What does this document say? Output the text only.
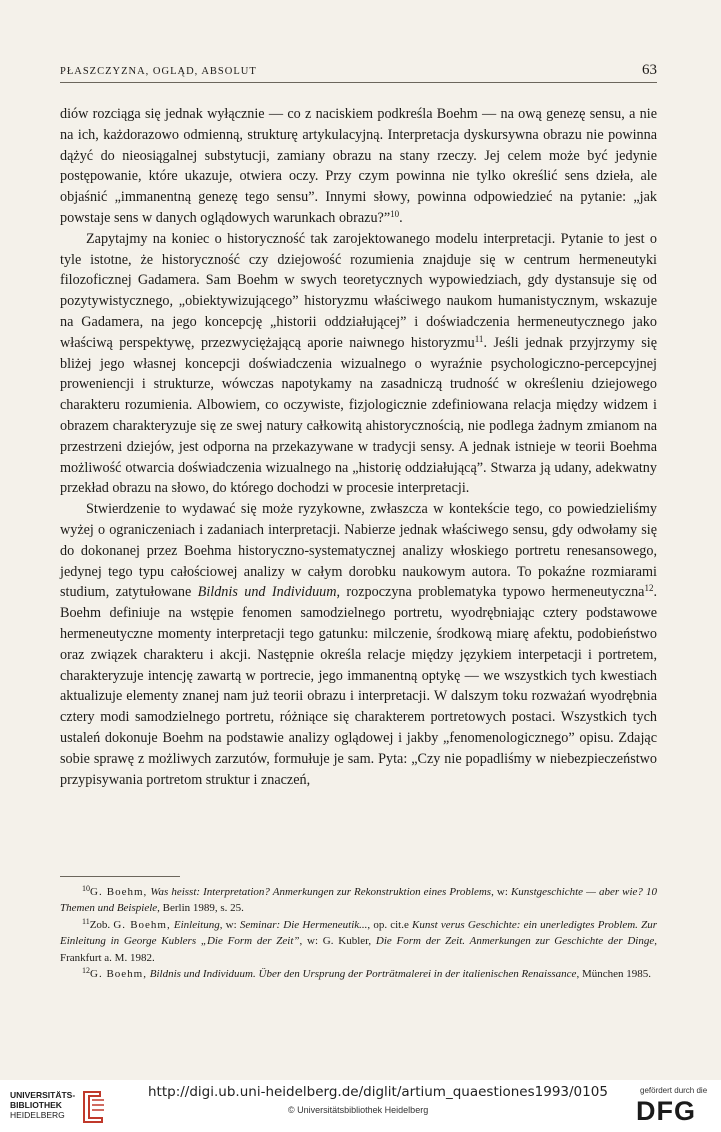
PŁASZCZYZNA, OGLĄD, ABSOLUT	63

diów rozciąga się jednak wyłącznie — co z naciskiem podkreśla Boehm — na ową genezę sensu, a nie na ich, każdorazowo odmienną, strukturę artykulacyjną. Interpretacja dyskursywna obrazu nie powinna dążyć do nieosiągalnej substytucji, zamiany obrazu na stany rzeczy. Jej celem może być jedynie postępowanie, które ukazuje, otwiera oczy. Przy czym powinna nie tylko określić sens dzieła, ale objaśnić „immanentną genezę tego sensu”. Innymi słowy, powinna odpowiedzieć na pytanie: „jak powstaje sens w danych oglądowych warunkach obrazu?”$^{10}$.

Zapytajmy na koniec o historyczność tak zarojektowanego modelu interpretacji. Pytanie to jest o tyle istotne, że historyczność czy dziejowość rozumienia znajduje się w centrum hermeneutyki filozoficznej Gadamera. Sam Boehm w swych teoretycznych wypowiedziach, gdy dystansuje się od pozytywistycznego, „obiektywizującego” historyzmu właściwego naukom humanistycznym, wskazuje na Gadamera, na jego koncepcję „historii oddziałującej” i doświadczenia hermeneutycznego jako właściwą perspektywę, przezwyciężającą aporie naiwnego historyzmu$^{11}$. Jeśli jednak przyjrzymy się bliżej jego własnej koncepcji doświadczenia wizualnego o wyraźnie psychologiczno-percepcyjnej proweniencji i strukturze, wówczas napotykamy na zasadniczą trudność w określeniu dziejowego charakteru rozumienia. Albowiem, co oczywiste, fizjologicznie zdefiniowana relacja między widzem i obrazem charakteryzuje się ze swej natury całkowitą ahistorycznością, nie podlega żadnym zmianom na przestrzeni dziejów, jest odporna na przekazywane w tradycji sensy. A jednak istnieje w teorii Boehma możliwość otwarcia doświadczenia wizualnego na „historię oddziałującą”. Stwarza ją udany, adekwatny przekład obrazu na słowo, do którego dochodzi w procesie interpretacji.

Stwierdzenie to wydawać się może ryzykowne, zwłaszcza w kontekście tego, co powiedzieliśmy wyżej o ograniczeniach i zadaniach interpretacji. Nabierze jednak właściwego sensu, gdy odwołamy się do dokonanej przez Boehma historyczno-systematycznej analizy włoskiego portretu renesansowego, jedynej tego typu całościowej analizy w całym dorobku naukowym autora. To pokaźne rozmiarami studium, zatytułowane Bildnis und Individuum, rozpoczyna problematyka typowo hermeneutyczna$^{12}$. Boehm definiuje na wstępie fenomen samodzielnego portretu, wyodrębniając cztery podstawowe hermeneutyczne momenty interpretacji tego gatunku: milczenie, środkową miarę afektu, podobieństwo oraz związek charakteru i akcji. Następnie określa relacje między językiem interpetacji i portretem, charakteryzuje intencję zawartą w portrecie, jego immanentną optykę — we wszystkich tych kwestiach aktualizuje elementy znanej nam już teorii obrazu i interpretacji. W dalszym toku rozważań wyodrębnia cztery modi samodzielnego portretu, różniące się charakterem portretowych postaci. Wszystkich tych ustaleń dokonuje Boehm na podstawie analizy oglądowej i jakby „fenomenologicznego” opisu. Zdając sobie sprawę z możliwych zarzutów, formułuje je sam. Pyta: „Czy nie popadliśmy w niebezpieczeństwo przypisywania portretom struktur i znaczeń,

$^{10}$G. Boehm, Was heisst: Interpretation? Anmerkungen zur Rekonstruktion eines Problems, w: Kunstgeschichte — aber wie? 10 Themen und Beispiele, Berlin 1989, s. 25.

$^{11}$Zob. G. Boehm, Einleitung, w: Seminar: Die Hermeneutik..., op. cit.e Kunst verus Geschichte: ein unerledigtes Problem. Zur Einleitung in George Kublers „Die Form der Zeit”, w: G. Kubler, Die Form der Zeit. Anmerkungen zur Geschichte der Dinge, Frankfurt a. M. 1982.

$^{12}$G. Boehm, Bildnis und Individuum. Über den Ursprung der Porträtmalerei in der italienischen Renaissance, München 1985.

UNIVERSITÄTS-
BIBLIOTHEK
HEIDELBERG
http://digi.ub.uni-heidelberg.de/diglit/artium_quaestiones1993/0105
© Universitätsbibliothek Heidelberg
gefördert durch die
DFG
